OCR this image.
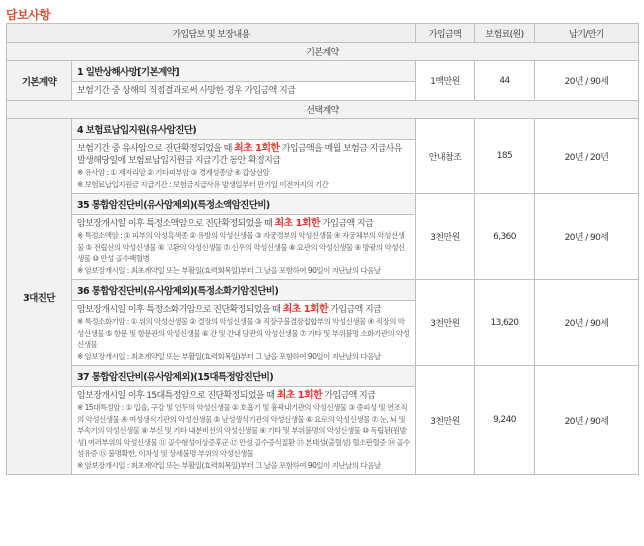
담보사항
가입담보 및 보장내용		가입금액	보험료(원)	납기/만기
기본계약				
기본계약	1 일반상해사망[기본계약]
보험기간 중 상해의 직접결과로써 사망한 경우 가입금액 지급	1백만원	44	20년 / 90세
선택계약				
3대진단	4 보험료납입지원(유사암진단)
보험기간 중 유사암으로 진단확정되었을 때 최초 1회한 가입금액을 매월 보험금 지급사유 발생해당일에 보험료납입지원금 지급기간 동안 확정지급
※ 유사암 : ① 제자리암 ② 기타피부암 ③ 경계성종양 ④ 갑상선암
※ 보험료납입지원금 지급기간 : 보험금지급사유 발생일부터 만기일 이전까지의 기간	안내참조	185	20년 / 20년

	35 통합암진단비(유사암제외)(특정소액암진단비)
암보장개시일 이후 특정소액암으로 진단확정되었을 때 최초 1회한 가입금액 지급
※ 특정소액암 : ① 피부의 악성흑색종 ② 유방의 악성신생물 ③ 자궁경부의 악성신생물 ④ 자궁체부의 악성신생물 ⑤ 전립선의 악성신생물 ⑥ 고환의 악성신생물 ⑦ 신우의 악성신생물 ⑧ 요관의 악성신생물 ⑨ 방광의 악성신생물 ⑩ 만성 골수백혈병
※ 암보장개시일 : 최초계약일 또는 부활일(효력회복일)부터 그 날을 포함하여 90일이 지난날의 다음날	3천만원	6,360	20년 / 90세

	36 통합암진단비(유사암제외)(특정소화기암진단비)
암보장개시일 이후 특정소화기암으로 진단확정되었을 때 최초 1회한 가입금액 지급
※ 특정소화기암 : ① 위의 악성신생물 ② 결장의 악성신생물 ③ 직장구불결장접합부의 악성신생물 ④ 직장의 악성신생물 ⑤ 항문 및 항문관의 악성신생물 ⑥ 간 및 간내 담관의 악성신생물 ⑦ 기타 및 부위불명 소화기관의 악성신생물
※ 암보장개시일 : 최초계약일 또는 부활일(효력회복일)부터 그 날을 포함하여 90일이 지난날의 다음날	3천만원	13,620	20년 / 90세

	37 통합암진단비(유사암제외)(15대특정암진단비)
암보장개시일 이후 15대특정암으로 진단확정되었을 때 최초 1회한 가입금액 지급
※ 15대특정암 : ① 입술, 구강 및 인두의 악성신생물 ② 호흡기 및 흉곽내기관의 악성신생물 ③ 중피성 및 연조직의 악성신생물 ④ 여성생식기관의 악성신생물 ⑤ 남성생식기관의 악성신생물 ⑥ 요로의 악성신생물 ⑦ 눈, 뇌 및 부속기의 악성신생물 ⑧ 부신 및 기타 내분비선의 악성신생물 ⑨ 기타 및 부위불명의 악성신생물 ⑩ 독립된(원발성) 여러부위의 악성신생물 ⑪ 골수형성이상증후군 ⑫ 만성 골수증식질환 ⑬ 본태성(출혈성) 혈소판혈증 ⑭ 골수섬유증 ⑮ 불명확한, 이차성 및 상세불명 부위의 악성신생물
※ 암보장개시일 : 최초계약일 또는 부활일(효력회복일)부터 그 날을 포함하여 90일이 지난날의 다음날	3천만원	9,240	20년 / 90세
